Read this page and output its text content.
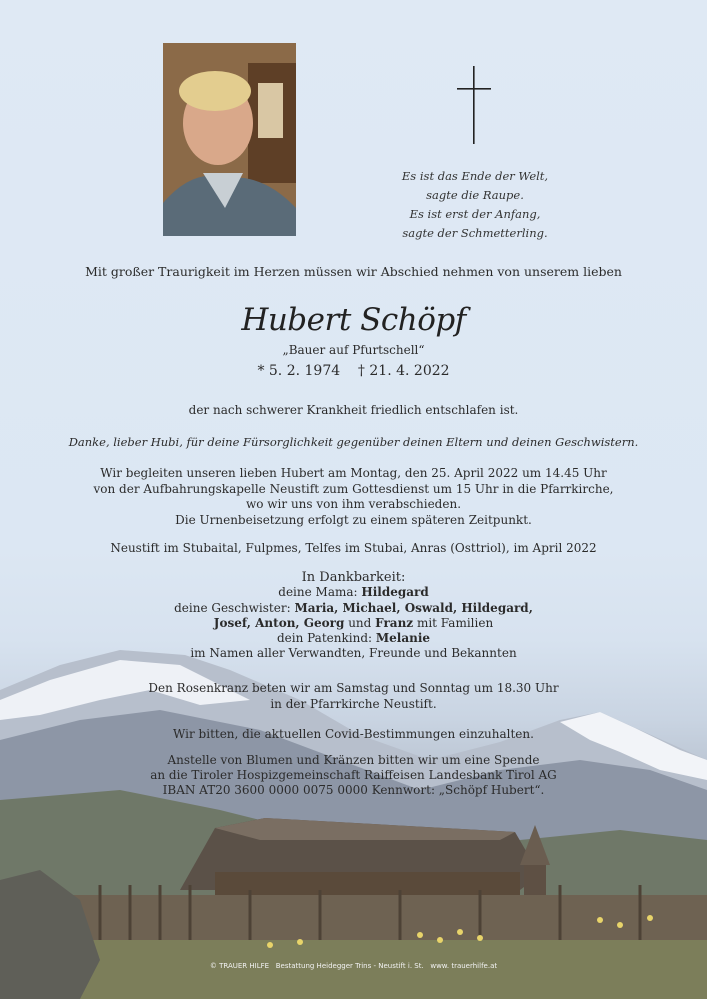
Es ist das Ende der Welt,
sagte die Raupe.
Es ist erst der Anfang,
sagte der Schmetterling.
Mit großer Traurigkeit im Herzen müssen wir Abschied nehmen von unserem lieben
Hubert Schöpf
„Bauer auf Pfurtschell“
* 5. 2. 1974    † 21. 4. 2022
der nach schwerer Krankheit friedlich entschlafen ist.
Danke, lieber Hubi, für deine Fürsorglichkeit gegenüber deinen Eltern und deinen Geschwistern.
Wir begleiten unseren lieben Hubert am Montag, den 25. April 2022 um 14.45 Uhr
von der Aufbahrungskapelle Neustift zum Gottesdienst um 15 Uhr in die Pfarrkirche,
wo wir uns von ihm verabschieden.
Die Urnenbeisetzung erfolgt zu einem späteren Zeitpunkt.
Neustift im Stubaital, Fulpmes, Telfes im Stubai, Anras (Osttriol), im April 2022
In Dankbarkeit:
deine Mama: Hildegard
deine Geschwister: Maria, Michael, Oswald, Hildegard,
Josef, Anton, Georg und Franz mit Familien
dein Patenkind: Melanie
im Namen aller Verwandten, Freunde und Bekannten
Den Rosenkranz beten wir am Samstag und Sonntag um 18.30 Uhr
in der Pfarrkirche Neustift.
Wir bitten, die aktuellen Covid-Bestimmungen einzuhalten.
Anstelle von Blumen und Kränzen bitten wir um eine Spende
an die Tiroler Hospizgemeinschaft Raiffeisen Landesbank Tirol AG
IBAN AT20 3600 0000 0075 0000 Kennwort: „Schöpf Hubert“.
© TRAUER HILFE   Bestattung Heidegger Trins - Neustift i. St.   www. trauerhilfe.at
